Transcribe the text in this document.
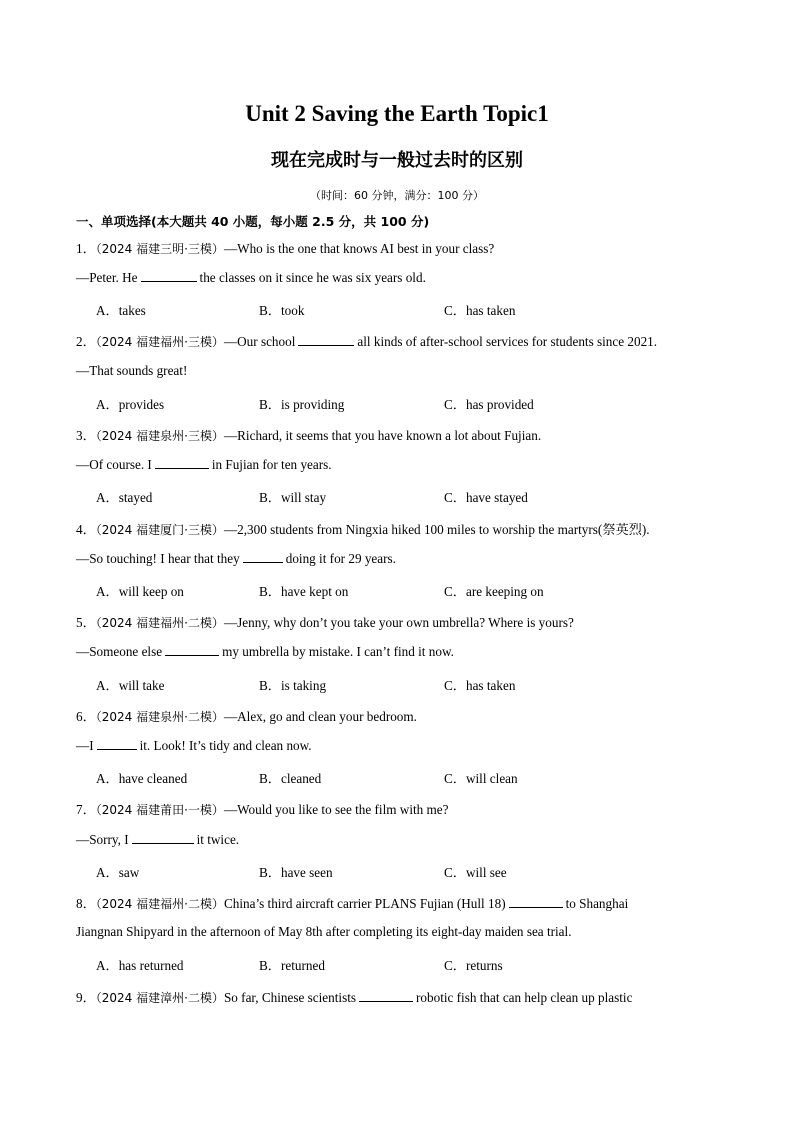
Unit 2 Saving the Earth Topic1
现在完成时与一般过去时的区别
（时间：60 分钟，满分：100 分）
一、单项选择(本大题共 40 小题，每小题 2.5 分，共 100 分)
1．（2024 福建三明·三模）—Who is the one that knows AI best in your class?
—Peter. He	the classes on it since he was six years old.
A．takes	B．took	C．has taken
2．（2024 福建福州·三模）—Our school	all kinds of after-school services for students since 2021.
—That sounds great!
A．provides	B．is providing	C．has provided
3．（2024 福建泉州·三模）—Richard, it seems that you have known a lot about Fujian.
—Of course. I	in Fujian for ten years.
A．stayed	B．will stay	C．have stayed
4．（2024 福建厦门·三模）—2,300 students from Ningxia hiked 100 miles to worship the martyrs(祭英烈).
—So touching! I hear that they	doing it for 29 years.
A．will keep on	B．have kept on	C．are keeping on
5．（2024 福建福州·二模）—Jenny, why don’t you take your own umbrella? Where is yours?
—Someone else	my umbrella by mistake. I can’t find it now.
A．will take	B．is taking	C．has taken
6．（2024 福建泉州·二模）—Alex, go and clean your bedroom.
—I	it. Look! It’s tidy and clean now.
A．have cleaned	B．cleaned	C．will clean
7．（2024 福建莆田·一模）—Would you like to see the film with me?
—Sorry, I	it twice.
A．saw	B．have seen	C．will see
8．（2024 福建福州·二模）China’s third aircraft carrier PLANS Fujian (Hull 18)	to Shanghai
Jiangnan Shipyard in the afternoon of May 8th after completing its eight-day maiden sea trial.
A．has returned	B．returned	C．returns
9．（2024 福建漳州·二模）So far, Chinese scientists	robotic fish that can help clean up plastic
